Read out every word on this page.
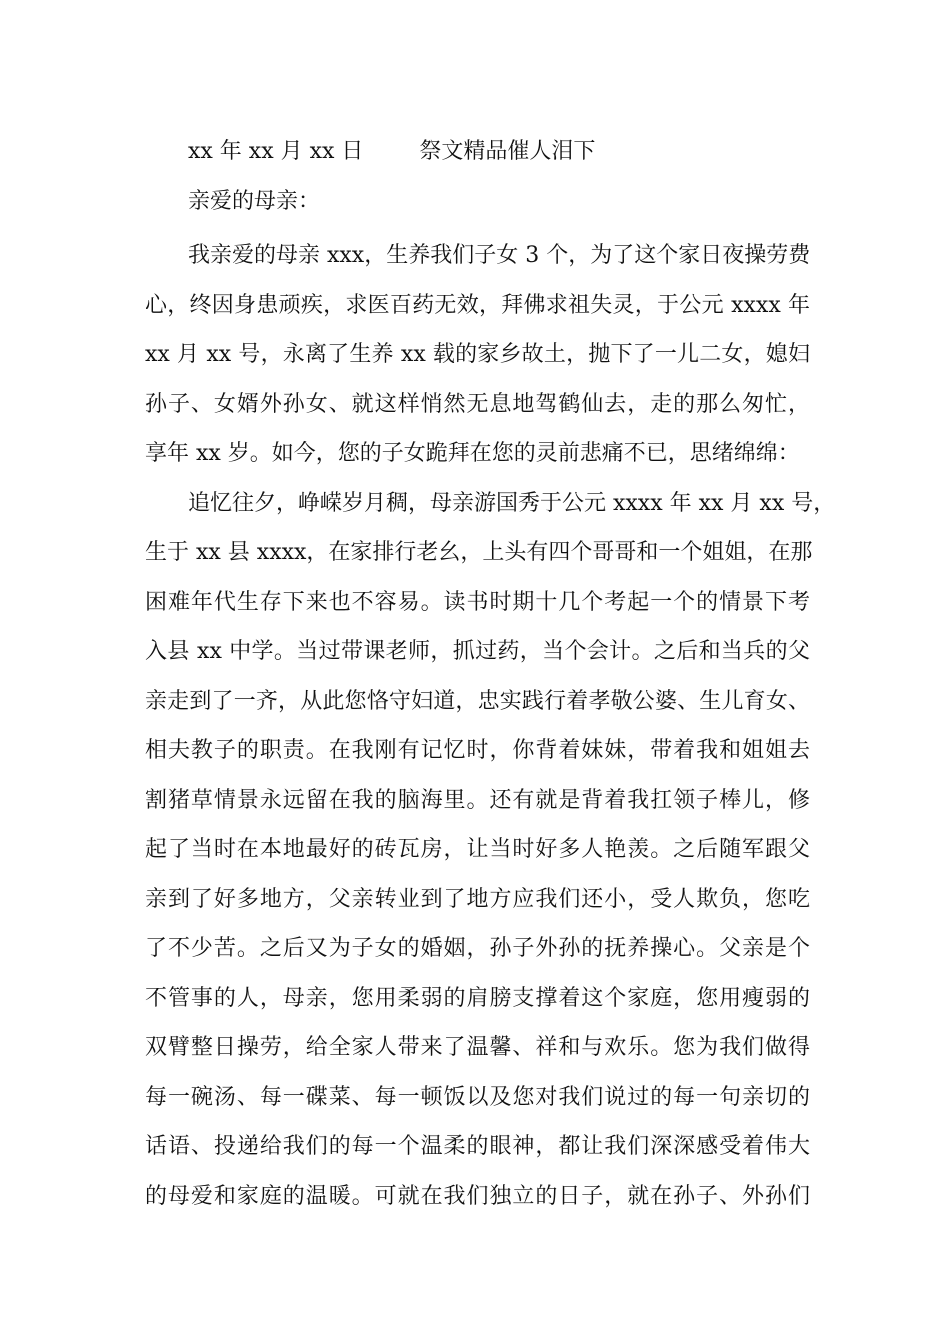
xx 年 xx 月 xx 日	祭文精品催人泪下
亲爱的母亲：
我亲爱的母亲 xxx，生养我们子女 3 个，为了这个家日夜操劳费
心，终因身患顽疾，求医百药无效，拜佛求祖失灵，于公元 xxxx 年
xx 月 xx 号，永离了生养 xx 载的家乡故土，抛下了一儿二女，媳妇
孙子、女婿外孙女、就这样悄然无息地驾鹤仙去，走的那么匆忙，
享年 xx 岁。如今，您的子女跪拜在您的灵前悲痛不已，思绪绵绵：
追忆往夕，峥嵘岁月稠，母亲游国秀于公元 xxxx 年 xx 月 xx 号，
生于 xx 县 xxxx，在家排行老幺，上头有四个哥哥和一个姐姐，在那
困难年代生存下来也不容易。读书时期十几个考起一个的情景下考
入县 xx 中学。当过带课老师，抓过药，当个会计。之后和当兵的父
亲走到了一齐，从此您恪守妇道，忠实践行着孝敬公婆、生儿育女、
相夫教子的职责。在我刚有记忆时，你背着妹妹，带着我和姐姐去
割猪草情景永远留在我的脑海里。还有就是背着我扛领子棒儿，修
起了当时在本地最好的砖瓦房，让当时好多人艳羡。之后随军跟父
亲到了好多地方，父亲转业到了地方应我们还小，受人欺负，您吃
了不少苦。之后又为子女的婚姻，孙子外孙的抚养操心。父亲是个
不管事的人，母亲，您用柔弱的肩膀支撑着这个家庭，您用瘦弱的
双臂整日操劳，给全家人带来了温馨、祥和与欢乐。您为我们做得
每一碗汤、每一碟菜、每一顿饭以及您对我们说过的每一句亲切的
话语、投递给我们的每一个温柔的眼神，都让我们深深感受着伟大
的母爱和家庭的温暖。可就在我们独立的日子，就在孙子、外孙们
